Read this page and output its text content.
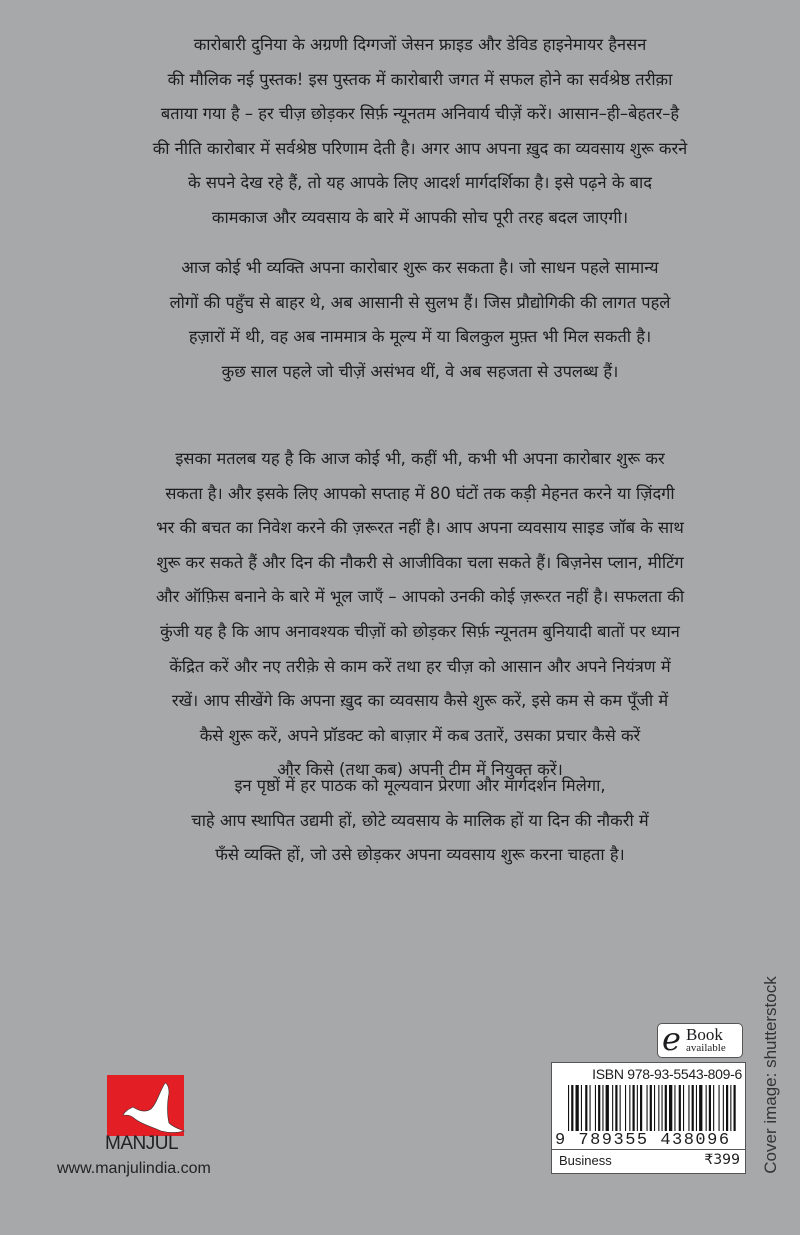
कारोबारी दुनिया के अग्रणी दिग्गजों जेसन फ्राइड और डेविड हाइनेमायर हैनसन
की मौलिक नई पुस्तक! इस पुस्तक में कारोबारी जगत में सफल होने का सर्वश्रेष्ठ तरीक़ा
बताया गया है – हर चीज़ छोड़कर सिर्फ़ न्यूनतम अनिवार्य चीज़ें करें। आसान–ही–बेहतर–है
की नीति कारोबार में सर्वश्रेष्ठ परिणाम देती है। अगर आप अपना ख़ुद का व्यवसाय शुरू करने
के सपने देख रहे हैं, तो यह आपके लिए आदर्श मार्गदर्शिका है। इसे पढ़ने के बाद
कामकाज और व्यवसाय के बारे में आपकी सोच पूरी तरह बदल जाएगी।
आज कोई भी व्यक्ति अपना कारोबार शुरू कर सकता है। जो साधन पहले सामान्य
लोगों की पहुँच से बाहर थे, अब आसानी से सुलभ हैं। जिस प्रौद्योगिकी की लागत पहले
हज़ारों में थी, वह अब नाममात्र के मूल्य में या बिलकुल मुफ़्त भी मिल सकती है।
कुछ साल पहले जो चीज़ें असंभव थीं, वे अब सहजता से उपलब्ध हैं।
इसका मतलब यह है कि आज कोई भी, कहीं भी, कभी भी अपना कारोबार शुरू कर
सकता है। और इसके लिए आपको सप्ताह में 80 घंटों तक कड़ी मेहनत करने या ज़िंदगी
भर की बचत का निवेश करने की ज़रूरत नहीं है। आप अपना व्यवसाय साइड जॉब के साथ
शुरू कर सकते हैं और दिन की नौकरी से आजीविका चला सकते हैं। बिज़नेस प्लान, मीटिंग
और ऑफ़िस बनाने के बारे में भूल जाएँ – आपको उनकी कोई ज़रूरत नहीं है। सफलता की
कुंजी यह है कि आप अनावश्यक चीज़ों को छोड़कर सिर्फ़ न्यूनतम बुनियादी बातों पर ध्यान
केंद्रित करें और नए तरीक़े से काम करें तथा हर चीज़ को आसान और अपने नियंत्रण में
रखें। आप सीखेंगे कि अपना ख़ुद का व्यवसाय कैसे शुरू करें, इसे कम से कम पूँजी में
कैसे शुरू करें, अपने प्रॉडक्ट को बाज़ार में कब उतारें, उसका प्रचार कैसे करें
और किसे (तथा कब) अपनी टीम में नियुक्त करें।
इन पृष्ठों में हर पाठक को मूल्यवान प्रेरणा और मार्गदर्शन मिलेगा,
चाहे आप स्थापित उद्यमी हों, छोटे व्यवसाय के मालिक हों या दिन की नौकरी में
फँसे व्यक्ति हों, जो उसे छोड़कर अपना व्यवसाय शुरू करना चाहता है।
MANJUL
www.manjulindia.com
e Book
available
ISBN 978-93-5543-809-6
9 789355 438096
Business	₹399 Cover image: shutterstock
